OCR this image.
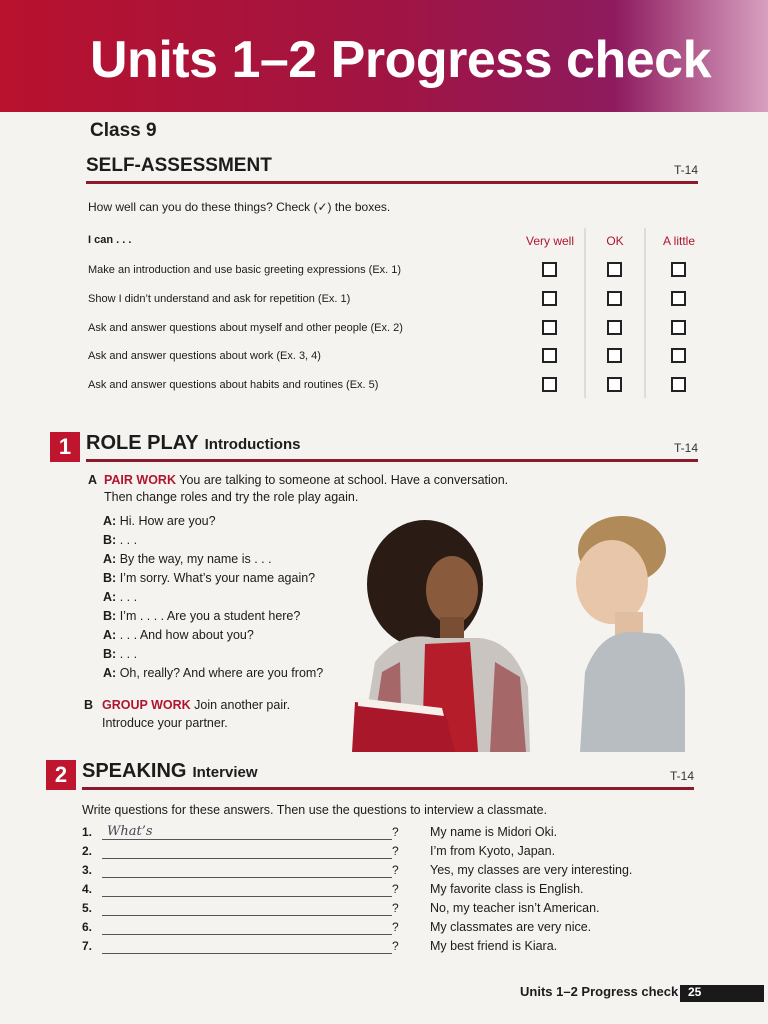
Units 1–2 Progress check
Class 9
SELF-ASSESSMENT	T-14
How well can you do these things? Check (✓) the boxes.
I can . . .	Very well	OK	A little
Make an introduction and use basic greeting expressions (Ex. 1)
Show I didn’t understand and ask for repetition (Ex. 1)
Ask and answer questions about myself and other people (Ex. 2)
Ask and answer questions about work (Ex. 3, 4)
Ask and answer questions about habits and routines (Ex. 5)
1 ROLE PLAY Introductions	T-14
A PAIR WORK You are talking to someone at school. Have a conversation.
Then change roles and try the role play again.
A: Hi. How are you?
B: . . .
A: By the way, my name is . . .
B: I’m sorry. What’s your name again?
A: . . .
B: I’m . . . . Are you a student here?
A: . . . And how about you?
B: . . .
A: Oh, really? And where are you from?
B GROUP WORK Join another pair.
Introduce your partner.
2 SPEAKING Interview	T-14
Write questions for these answers. Then use the questions to interview a classmate.
1. What’s	?	My name is Midori Oki.
2.	?	I’m from Kyoto, Japan.
3.	?	Yes, my classes are very interesting.
4.	?	My favorite class is English.
5.	?	No, my teacher isn’t American.
6.	?	My classmates are very nice.
7.	?	My best friend is Kiara.
Units 1–2 Progress check 25
